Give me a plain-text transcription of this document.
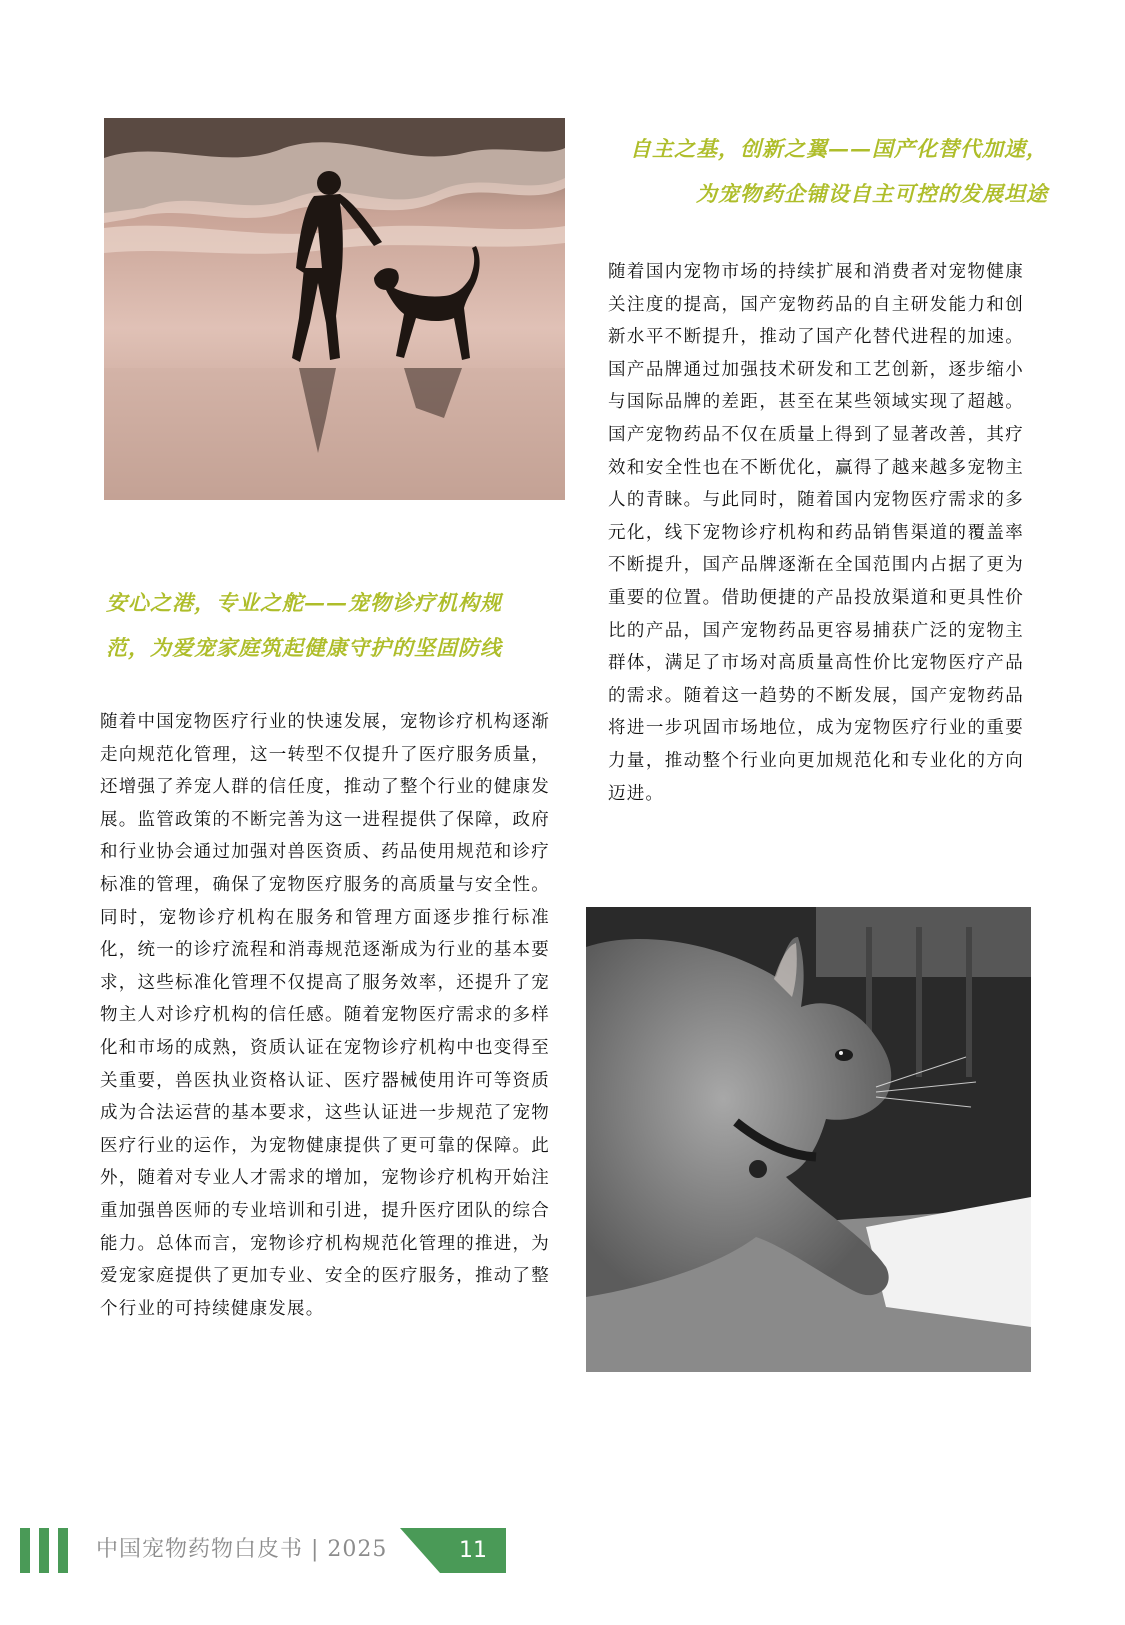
自主之基，创新之翼——国产化替代加速，
为宠物药企铺设自主可控的发展坦途

随着国内宠物市场的持续扩展和消费者对宠物健康关注度的提高，国产宠物药品的自主研发能力和创新水平不断提升，推动了国产化替代进程的加速。国产品牌通过加强技术研发和工艺创新，逐步缩小与国际品牌的差距，甚至在某些领域实现了超越。国产宠物药品不仅在质量上得到了显著改善，其疗效和安全性也在不断优化，赢得了越来越多宠物主人的青睐。与此同时，随着国内宠物医疗需求的多元化，线下宠物诊疗机构和药品销售渠道的覆盖率不断提升，国产品牌逐渐在全国范围内占据了更为重要的位置。借助便捷的产品投放渠道和更具性价比的产品，国产宠物药品更容易捕获广泛的宠物主群体，满足了市场对高质量高性价比宠物医疗产品的需求。随着这一趋势的不断发展，国产宠物药品将进一步巩固市场地位，成为宠物医疗行业的重要力量，推动整个行业向更加规范化和专业化的方向迈进。

安心之港，专业之舵——宠物诊疗机构规
范，为爱宠家庭筑起健康守护的坚固防线

随着中国宠物医疗行业的快速发展，宠物诊疗机构逐渐走向规范化管理，这一转型不仅提升了医疗服务质量，还增强了养宠人群的信任度，推动了整个行业的健康发展。监管政策的不断完善为这一进程提供了保障，政府和行业协会通过加强对兽医资质、药品使用规范和诊疗标准的管理，确保了宠物医疗服务的高质量与安全性。同时，宠物诊疗机构在服务和管理方面逐步推行标准化，统一的诊疗流程和消毒规范逐渐成为行业的基本要求，这些标准化管理不仅提高了服务效率，还提升了宠物主人对诊疗机构的信任感。随着宠物医疗需求的多样化和市场的成熟，资质认证在宠物诊疗机构中也变得至关重要，兽医执业资格认证、医疗器械使用许可等资质成为合法运营的基本要求，这些认证进一步规范了宠物医疗行业的运作，为宠物健康提供了更可靠的保障。此外，随着对专业人才需求的增加，宠物诊疗机构开始注重加强兽医师的专业培训和引进，提升医疗团队的综合能力。总体而言，宠物诊疗机构规范化管理的推进，为爱宠家庭提供了更加专业、安全的医疗服务，推动了整个行业的可持续健康发展。

中国宠物药物白皮书 | 2025	11
